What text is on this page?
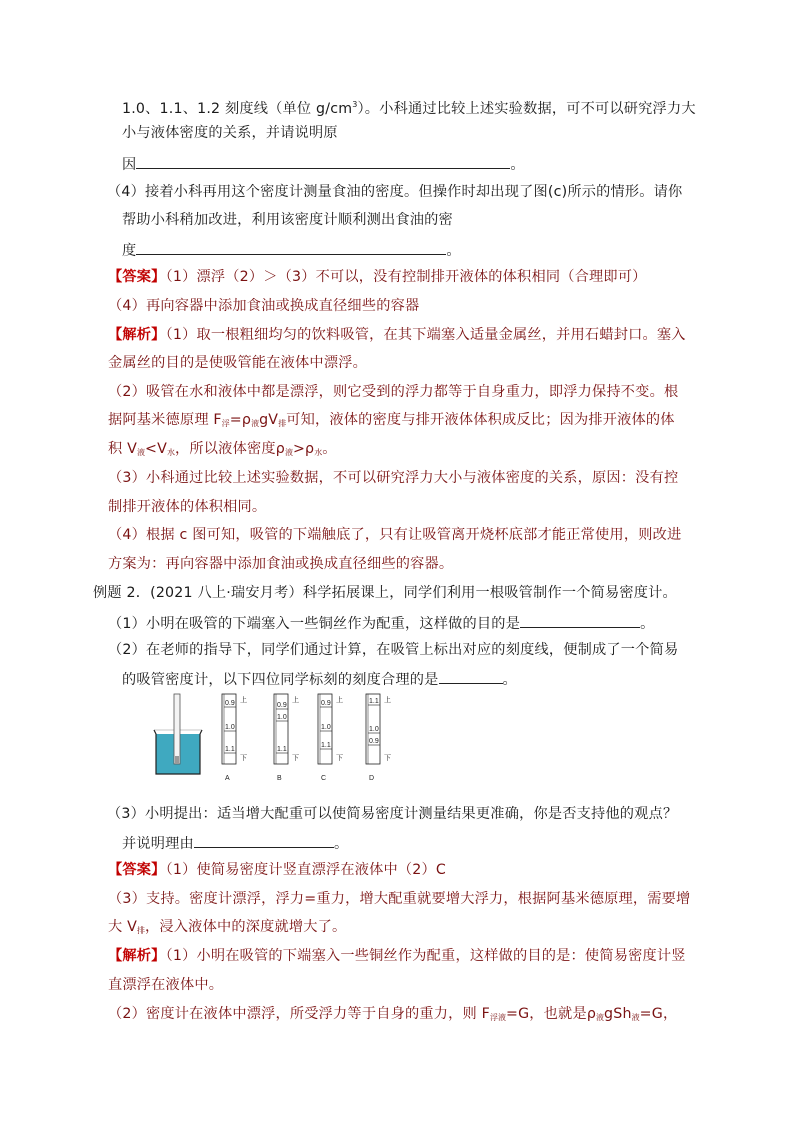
1.0、1.1、1.2 刻度线（单位 $g/cm^3$）。小科通过比较上述实验数据，可不可以研究浮力大
小与液体密度的关系，并请说明原
因	。
（4）接着小科再用这个密度计测量食油的密度。但操作时却出现了图(c)所示的情形。请你
帮助小科稍加改进，利用该密度计顺利测出食油的密
度	。
【答案】（1）漂浮（2）＞（3）不可以，没有控制排开液体的体积相同（合理即可）
（4）再向容器中添加食油或换成直径细些的容器
【解析】（1）取一根粗细均匀的饮料吸管，在其下端塞入适量金属丝，并用石蜡封口。塞入
金属丝的目的是使吸管能在液体中漂浮。
（2）吸管在水和液体中都是漂浮，则它受到的浮力都等于自身重力，即浮力保持不变。根
据阿基米德原理 $F_浮=\rho_液gV_排$可知，液体的密度与排开液体体积成反比；因为排开液体的体
积 $V_液<V_水$，所以液体密度$\rho_液>\rho_水$。
（3）小科通过比较上述实验数据，不可以研究浮力大小与液体密度的关系，原因：没有控
制排开液体的体积相同。
（4）根据 c 图可知，吸管的下端触底了，只有让吸管离开烧杯底部才能正常使用，则改进
方案为：再向容器中添加食油或换成直径细些的容器。
例题 2．(2021 八上·瑞安月考）科学拓展课上，同学们利用一根吸管制作一个简易密度计。
（1）小明在吸管的下端塞入一些铜丝作为配重，这样做的目的是	。
（2）在老师的指导下，同学们通过计算，在吸管上标出对应的刻度线，便制成了一个简易
的吸管密度计，以下四位同学标刻的刻度合理的是	。
0.9
1.0
1.1
上
下
A
0.9
1.0
1.1
上
下
B
0.9
1.0
1.1
上
下
C
1.1
1.0
0.9
上
下
D
（3）小明提出：适当增大配重可以使简易密度计测量结果更准确，你是否支持他的观点？
并说明理由	。
【答案】（1）使简易密度计竖直漂浮在液体中（2）C
（3）支持。密度计漂浮，浮力=重力，增大配重就要增大浮力，根据阿基米德原理，需要增
大 $V_排$，浸入液体中的深度就增大了。
【解析】（1）小明在吸管的下端塞入一些铜丝作为配重，这样做的目的是：使简易密度计竖
直漂浮在液体中。
（2）密度计在液体中漂浮，所受浮力等于自身的重力，则 $F_{浮液}=G$，也就是$\rho_液gSh_液=G$，
